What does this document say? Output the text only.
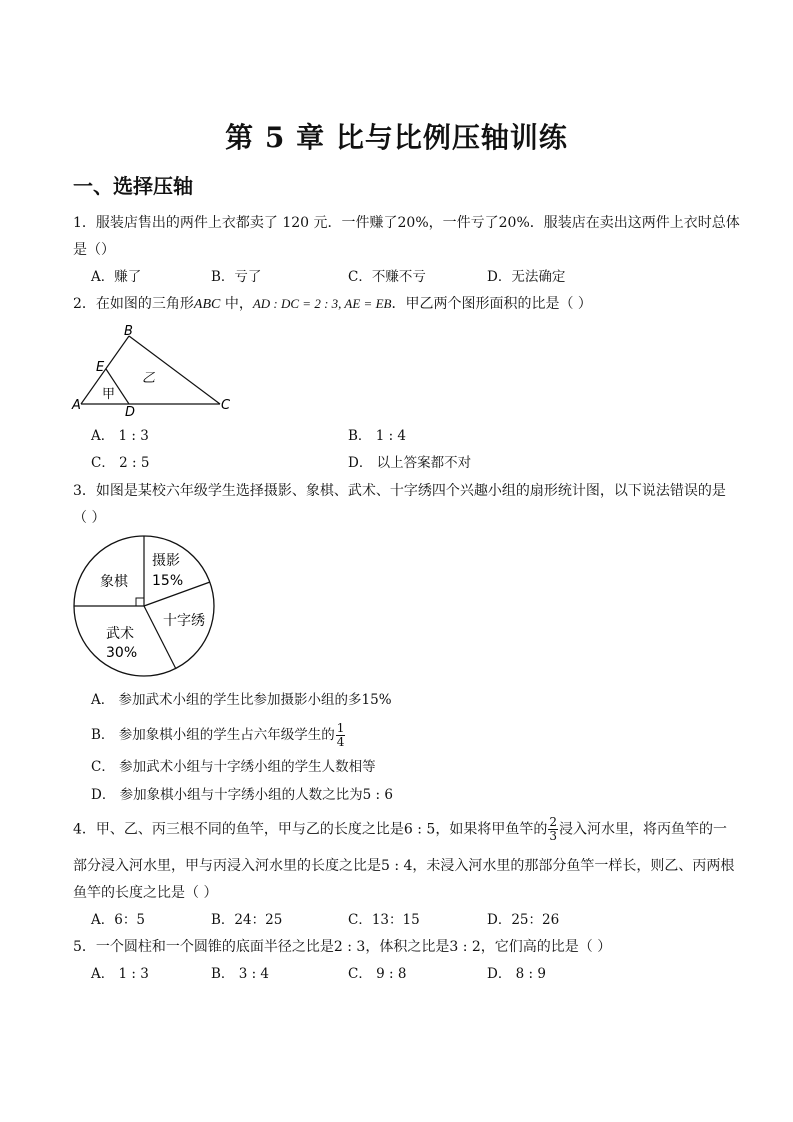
第 5 章 比与比例压轴训练
一、选择压轴
1．服装店售出的两件上衣都卖了 120 元．一件赚了20%，一件亏了20%．服装店在卖出这两件上衣时总体
是（）
A．赚了	B．亏了	C．不赚不亏	D．无法确定
2．在如图的三角形ABC 中，AD : DC = 2 : 3, AE = EB．甲乙两个图形面积的比是（ ）
B
E
A	D	C
甲
乙
A． 1 : 3	B． 1 : 4
C． 2 : 5	D． 以上答案都不对
3．如图是某校六年级学生选择摄影、象棋、武术、十字绣四个兴趣小组的扇形统计图，以下说法错误的是
（ ）
象棋
摄影
15%
十字绣
武术
30%
A． 参加武术小组的学生比参加摄影小组的多15%
B． 参加象棋小组的学生占六年级学生的 $\frac{1}{4}$
C． 参加武术小组与十字绣小组的学生人数相等
D． 参加象棋小组与十字绣小组的人数之比为5 : 6
4．甲、乙、丙三根不同的鱼竿，甲与乙的长度之比是6 : 5，如果将甲鱼竿的 $\frac{2}{3}$ 浸入河水里，将丙鱼竿的一
部分浸入河水里，甲与丙浸入河水里的长度之比是5 : 4，未浸入河水里的那部分鱼竿一样长，则乙、丙两根
鱼竿的长度之比是（ ）
A．6：5	B．24：25	C．13：15	D．25：26
5．一个圆柱和一个圆锥的底面半径之比是2 : 3，体积之比是3 : 2，它们高的比是（ ）
A． 1 : 3	B． 3 : 4	C． 9 : 8	D． 8 : 9
